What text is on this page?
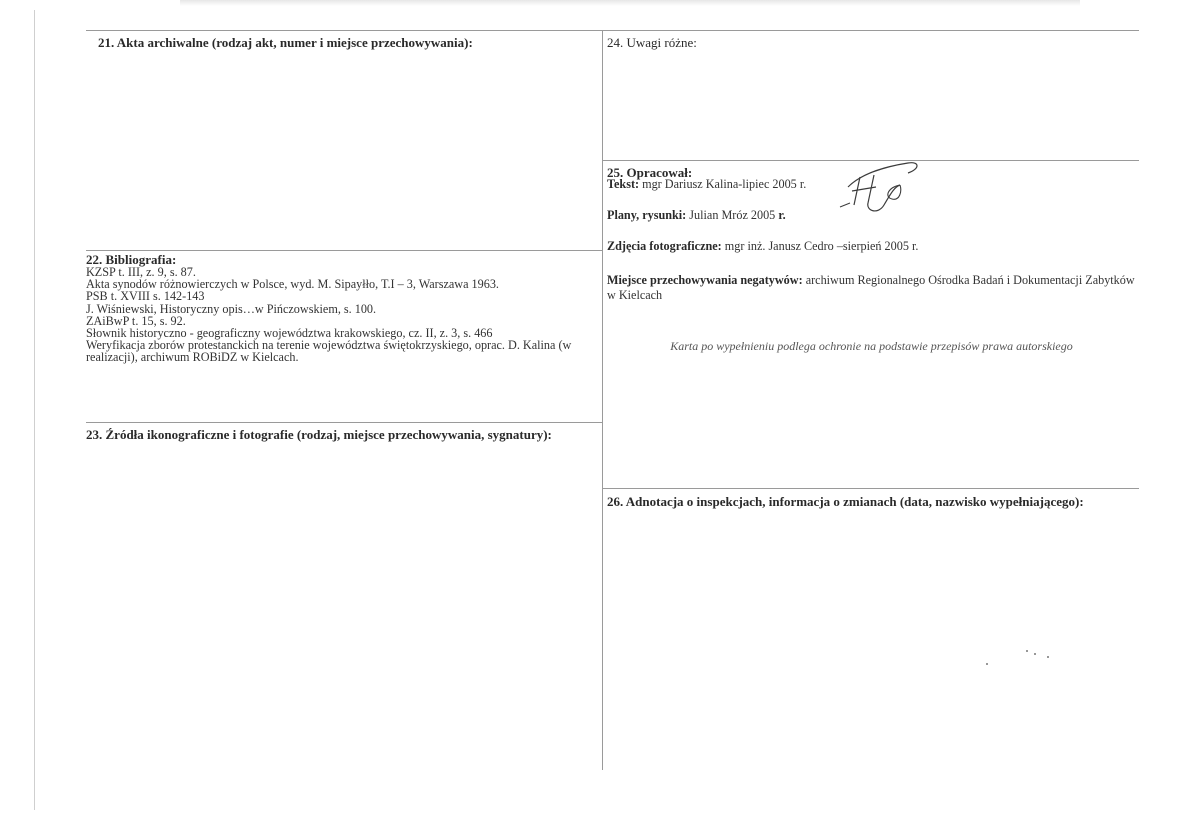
21. Akta archiwalne (rodzaj akt, numer i miejsce przechowywania):
22. Bibliografia:
KZSP t. III, z. 9, s. 87.
Akta synodów różnowierczych w Polsce, wyd. M. Sipayłło, T.I – 3, Warszawa 1963.
PSB t. XVIII s. 142-143
J. Wiśniewski, Historyczny opis…w Pińczowskiem, s. 100.
ZAiBwP t. 15, s. 92.
Słownik historyczno - geograficzny województwa krakowskiego, cz. II, z. 3, s. 466
Weryfikacja zborów protestanckich na terenie województwa świętokrzyskiego, oprac. D. Kalina (w realizacji), archiwum ROBiDZ w Kielcach.
23. Źródła ikonograficzne i fotografie (rodzaj, miejsce przechowywania, sygnatury):
24. Uwagi różne:
25. Opracował:
Tekst: mgr Dariusz Kalina-lipiec 2005 r.
Plany, rysunki: Julian Mróz 2005 r.
Zdjęcia fotograficzne: mgr inż. Janusz Cedro –sierpień 2005 r.
Miejsce przechowywania negatywów: archiwum Regionalnego Ośrodka Badań i Dokumentacji Zabytków w Kielcach
Karta po wypełnieniu podlega ochronie na podstawie przepisów prawa autorskiego
26. Adnotacja o inspekcjach, informacja o zmianach (data, nazwisko wypełniającego):
